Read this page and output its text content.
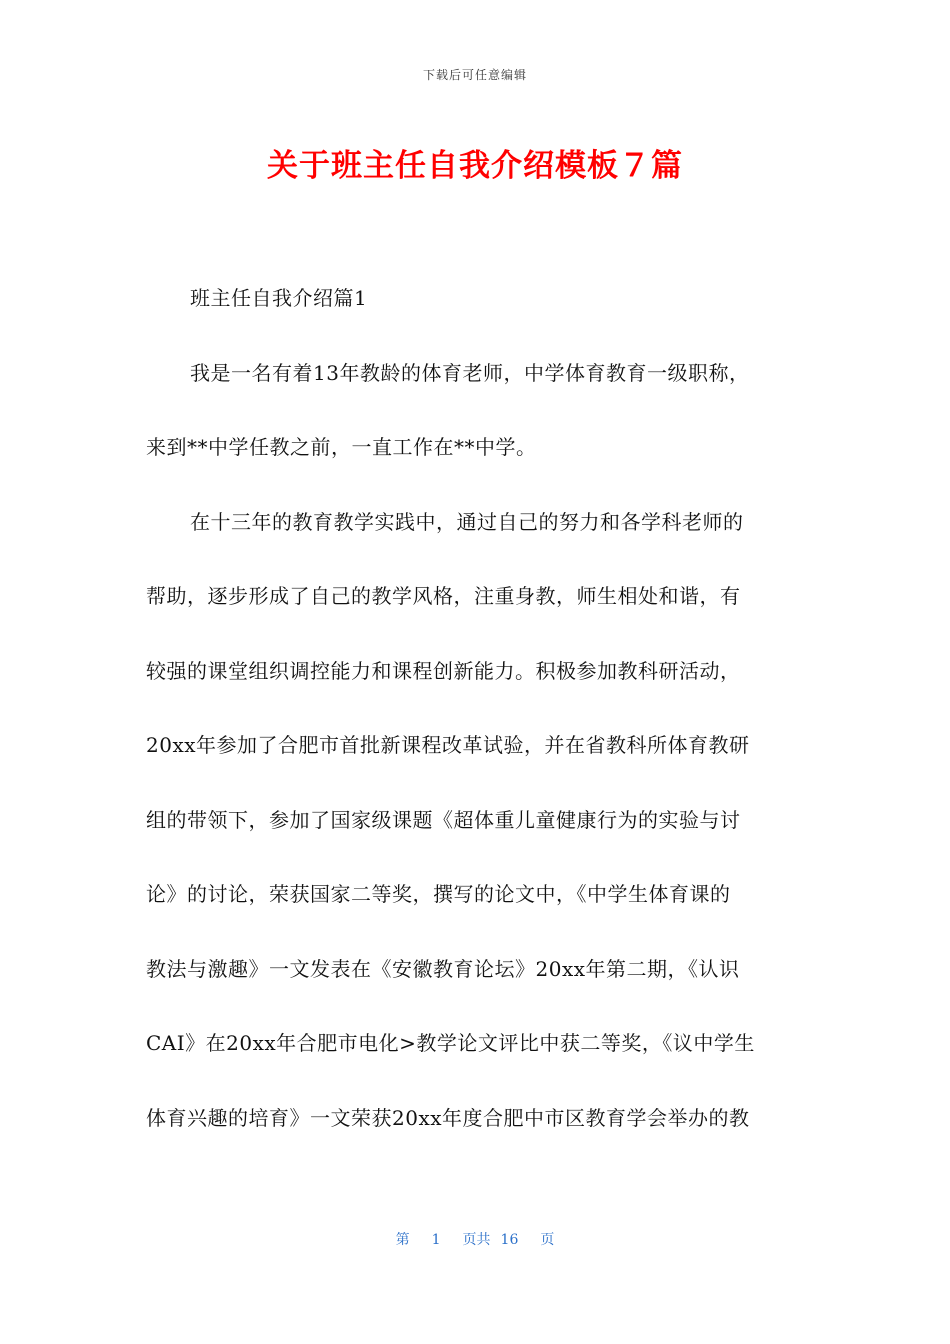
下载后可任意编辑
关于班主任自我介绍模板７篇
班主任自我介绍篇1
我是一名有着13年教龄的体育老师，中学体育教育一级职称，
来到**中学任教之前，一直工作在**中学。
在十三年的教育教学实践中，通过自己的努力和各学科老师的
帮助，逐步形成了自己的教学风格，注重身教，师生相处和谐，有
较强的课堂组织调控能力和课程创新能力。积极参加教科研活动，
20xx年参加了合肥市首批新课程改革试验，并在省教科所体育教研
组的带领下，参加了国家级课题《超体重儿童健康行为的实验与讨
论》的讨论，荣获国家二等奖，撰写的论文中，《中学生体育课的
教法与激趣》一文发表在《安徽教育论坛》20xx年第二期，《认识
CAI》在20xx年合肥市电化>教学论文评比中获二等奖，《议中学生
体育兴趣的培育》一文荣获20xx年度合肥中市区教育学会举办的教
第 1 页共 16 页
